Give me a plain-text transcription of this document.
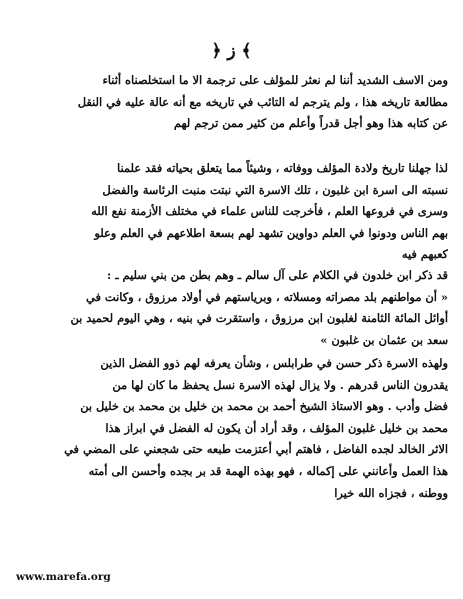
﴿ ز ﴾
ومن الاسف الشديد أننا لم نعثر للمؤلف على ترجمة الا ما استخلصناه أثناء
مطالعة تاريخه هذا ، ولم يترجم له التائب في تاريخه مع أنه عالة عليه في النقل
عن كتابه هذا وهو أجل قدراً وأعلم من كثير ممن ترجم لهم
لذا جهلنا تاريخ ولادة المؤلف ووفاته ، وشيئاً مما يتعلق بحياته فقد علمنا
نسبته الى اسرة ابن غلبون ، تلك الاسرة التي نبتت منبت الرئاسة والفضل
وسرى في فروعها العلم ، فأخرجت للناس علماء في مختلف الأزمنة نفع الله
بهم الناس ودونوا في العلم دواوين تشهد لهم بسعة اطلاعهم في العلم وعلو
كعبهم فيه
قد ذكر ابن خلدون في الكلام على آل سالم ـ وهم بطن من بني سليم ـ :
« أن مواطنهم بلد مصراته ومسلاته ، وبرياستهم في أولاد مرزوق ، وكانت في
أوائل المائة الثامنة لغلبون ابن مرزوق ، واستقرت في بنيه ، وهي اليوم لحميد بن
سعد بن عثمان بن غلبون »
ولهذه الاسرة ذكر حسن في طرابلس ، وشأن يعرفه لهم ذوو الفضل الذين
يقدرون الناس قدرهم . ولا يزال لهذه الاسرة نسل يحفظ ما كان لها من
فضل وأدب . وهو الاستاذ الشيخ أحمد بن محمد بن خليل بن محمد بن خليل بن
محمد بن خليل غلبون المؤلف ، وقد أراد أن يكون له الفضل في ابراز هذا
الاثر الخالد لجده الفاضل ، فاهتم أبي أعتزمت طبعه حتى شجعني على المضي في
هذا العمل وأعانني على إكماله ، فهو بهذه الهمة قد بر بجده وأحسن الى أمته
ووطنه ، فجزاه الله خيرا
www.marefa.org
